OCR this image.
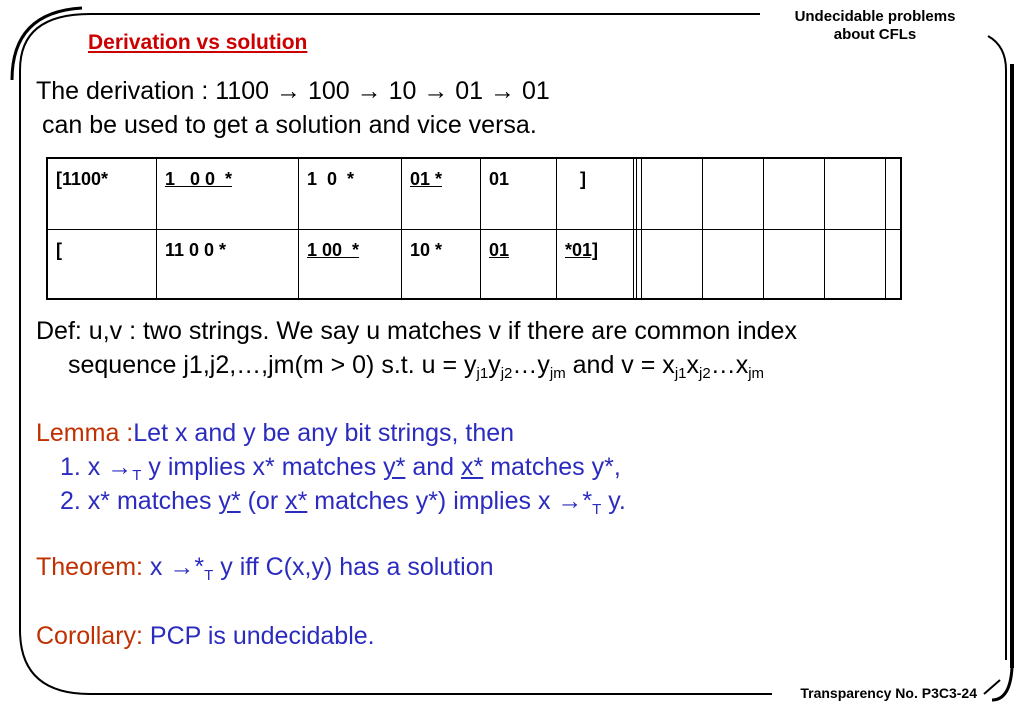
Undecidable problems
about CFLs
Derivation vs solution
The derivation : 1100 → 100 → 10 → 01 → 01
can be used to get a solution and vice versa.
[1100*	1   0 0  *	1  0  *	01 *	01	]							
[	11 0 0 *	1 00  *	10 *	01	*01]							
Def: u,v : two strings. We say u matches v if there are common index
sequence j1,j2,…,jm(m > 0) s.t. $u = y_{j1}y_{j2}\dots y_{jm}$ and $v = x_{j1}x_{j2}\dots x_{jm}$
Lemma :Let x and y be any bit strings, then
1. $x \to_T$ y implies x* matches y* and x* matches y*,
2. x* matches y* (or x* matches y*) implies $x \to*_T$ y.
Theorem: $x \to*_T$ y iff C(x,y) has a solution
Corollary: PCP is undecidable.
Transparency No. P3C3-24
